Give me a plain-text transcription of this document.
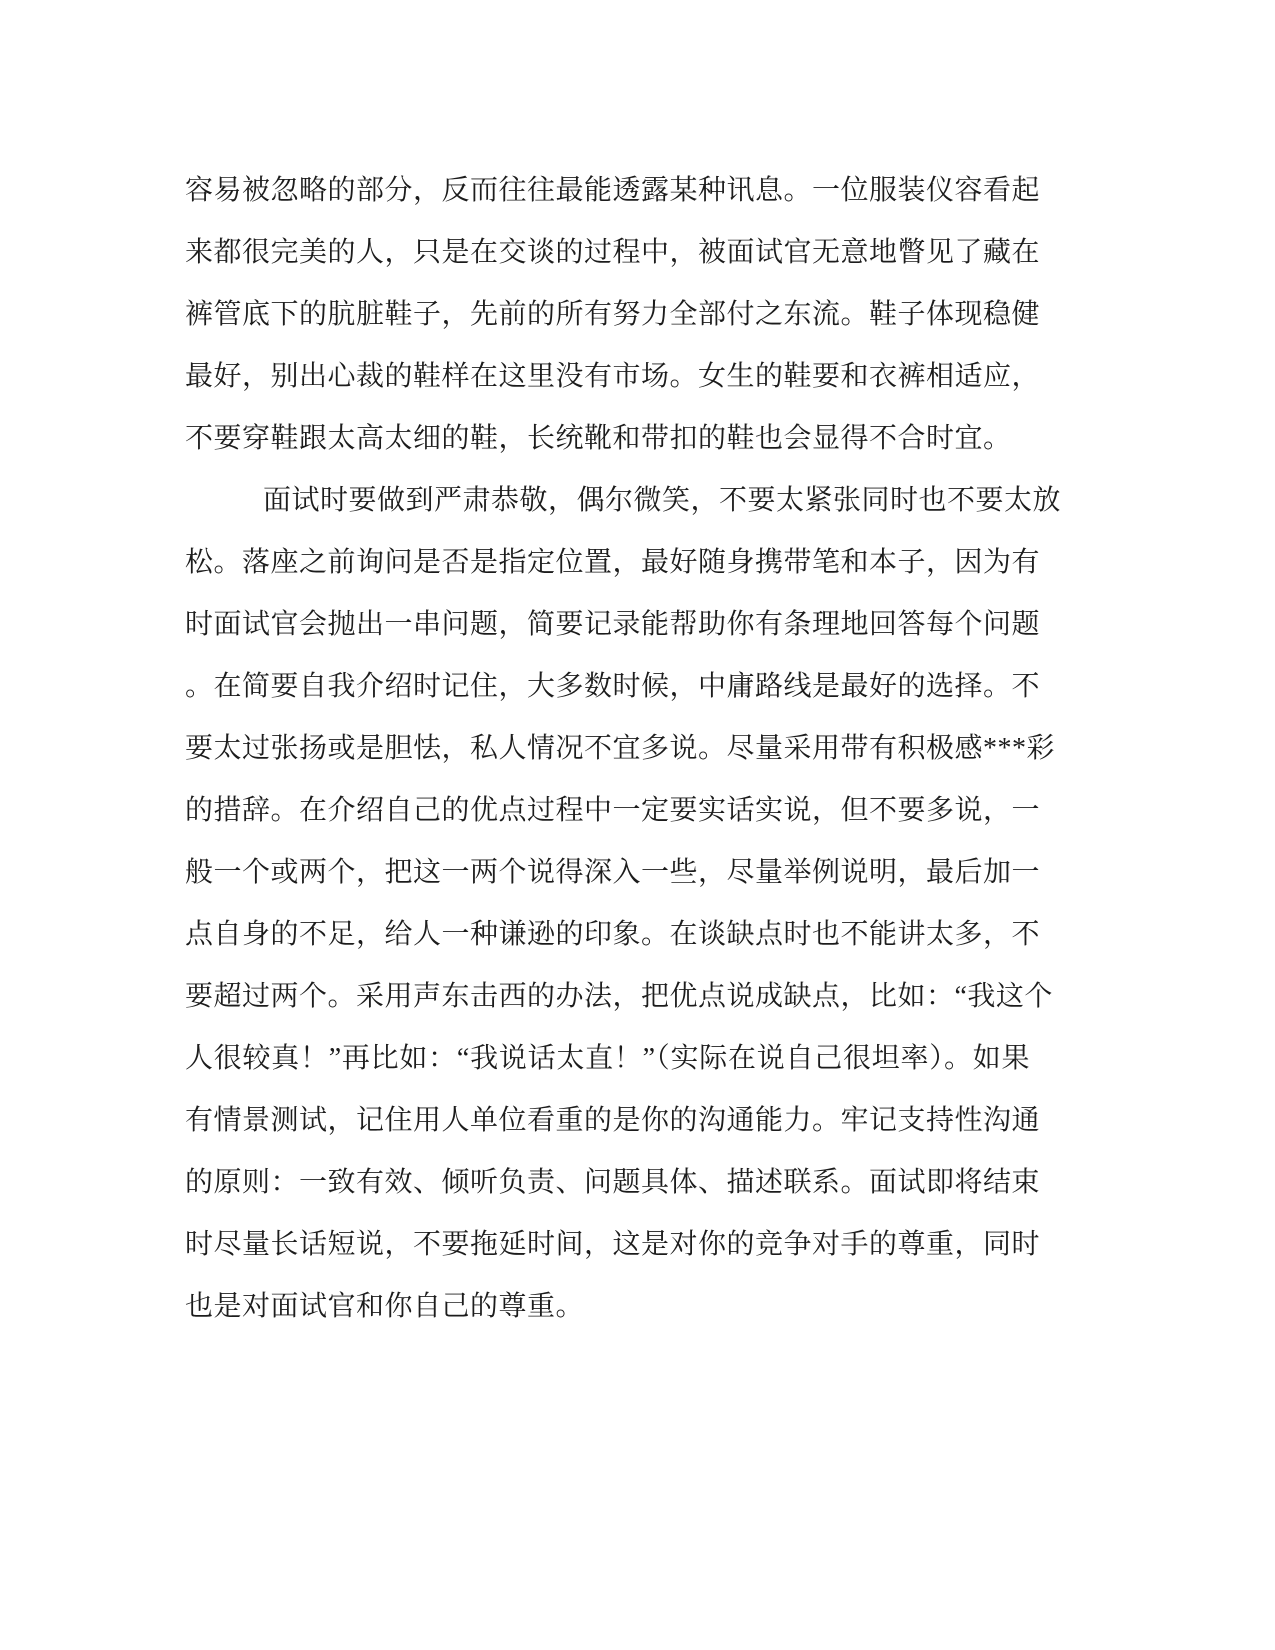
容易被忽略的部分，反而往往最能透露某种讯息。一位服装仪容看起
来都很完美的人，只是在交谈的过程中，被面试官无意地瞥见了藏在
裤管底下的肮脏鞋子，先前的所有努力全部付之东流。鞋子体现稳健
最好，别出心裁的鞋样在这里没有市场。女生的鞋要和衣裤相适应，
不要穿鞋跟太高太细的鞋，长统靴和带扣的鞋也会显得不合时宜。

面试时要做到严肃恭敬，偶尔微笑，不要太紧张同时也不要太放
松。落座之前询问是否是指定位置，最好随身携带笔和本子，因为有
时面试官会抛出一串问题，简要记录能帮助你有条理地回答每个问题
。在简要自我介绍时记住，大多数时候，中庸路线是最好的选择。不
要太过张扬或是胆怯，私人情况不宜多说。尽量采用带有积极感***彩
的措辞。在介绍自己的优点过程中一定要实话实说，但不要多说，一
般一个或两个，把这一两个说得深入一些，尽量举例说明，最后加一
点自身的不足，给人一种谦逊的印象。在谈缺点时也不能讲太多，不
要超过两个。采用声东击西的办法，把优点说成缺点，比如：“我这个
人很较真！”再比如：“我说话太直！”（实际在说自己很坦率）。如果
有情景测试，记住用人单位看重的是你的沟通能力。牢记支持性沟通
的原则：一致有效、倾听负责、问题具体、描述联系。面试即将结束
时尽量长话短说，不要拖延时间，这是对你的竞争对手的尊重，同时
也是对面试官和你自己的尊重。
